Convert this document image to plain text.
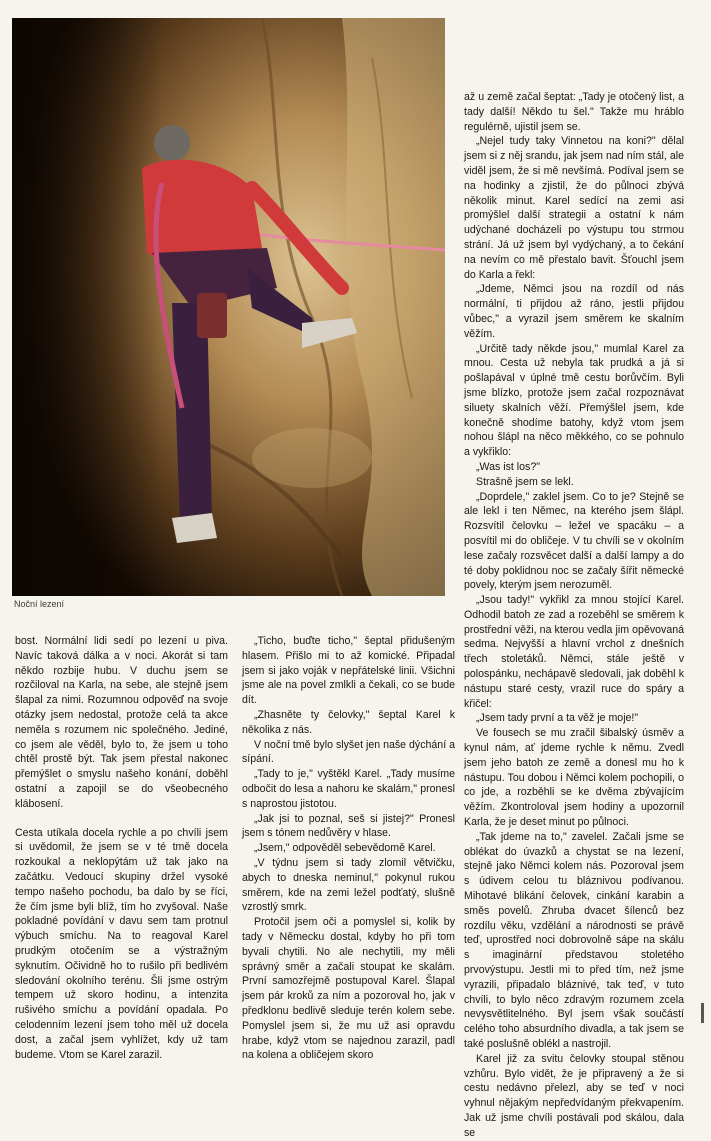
Noční lezení

bost. Normální lidi sedí po lezení u piva. Navíc taková dálka a v noci. Akorát si tam někdo rozbije hubu. V duchu jsem se rozčiloval na Karla, na sebe, ale stejně jsem šlapal za nimi. Rozumnou odpověď na svoje otázky jsem nedostal, protože celá ta akce neměla s rozumem nic společného. Jediné, co jsem ale věděl, bylo to, že jsem u toho chtěl prostě být. Tak jsem přestal nakonec přemýšlet o smyslu našeho konání, doběhl ostatní a zapojil se do všeobecného klábosení.

Cesta utíkala docela rychle a po chvíli jsem si uvědomil, že jsem se v té tmě docela rozkoukal a neklopýtám už tak jako na začátku. Vedoucí skupiny držel vysoké tempo našeho pochodu, ba dalo by se říci, že čím jsme byli blíž, tím ho zvyšoval. Naše pokladné povídání v davu sem tam protnul výbuch smíchu. Na to reagoval Karel prudkým otočením se a výstražným syknutím. Očividně ho to rušilo při bedlivém sledování okolního terénu. Šli jsme ostrým tempem už skoro hodinu, a intenzita rušivého smíchu a povídání opadala. Po celodenním lezení jsem toho měl už docela dost, a začal jsem vyhlížet, kdy už tam budeme. Vtom se Karel zarazil.

„Ticho, buďte ticho," šeptal přidušeným hlasem. Přišlo mi to až komické. Připadal jsem si jako voják v nepřátelské linii. Všichni jsme ale na povel zmlkli a čekali, co se bude dít.

„Zhasněte ty čelovky," šeptal Karel k několika z nás.

V noční tmě bylo slyšet jen naše dýchání a sípání.

„Tady to je," vyštěkl Karel. „Tady musíme odbočit do lesa a nahoru ke skalám," pronesl s naprostou jistotou.

„Jak jsi to poznal, seš si jistej?" Pronesl jsem s tónem nedůvěry v hlase.

„Jsem," odpověděl sebevědomě Karel.

„V týdnu jsem si tady zlomil větvičku, abych to dneska neminul," pokynul rukou směrem, kde na zemi ležel podťatý, slušně vzrostlý smrk.

Protočil jsem oči a pomyslel si, kolik by tady v Německu dostal, kdyby ho při tom byvali chytili. No ale nechytili, my měli správný směr a začali stoupat ke skalám. První samozřejmě postupoval Karel. Šlapal jsem pár kroků za ním a pozoroval ho, jak v předklonu bedlivě sleduje terén kolem sebe. Pomyslel jsem si, že mu už asi opravdu hrabe, když vtom se najednou zarazil, padl na kolena a obličejem skoro

až u země začal šeptat: „Tady je otočený list, a tady další! Někdo tu šel." Takže mu hráblo regulérně, ujistil jsem se.

„Nejel tudy taky Vinnetou na koni?" dělal jsem si z něj srandu, jak jsem nad ním stál, ale viděl jsem, že si mě nevšímá. Podíval jsem se na hodinky a zjistil, že do půlnoci zbývá několik minut. Karel sedící na zemi asi promýšlel další strategii a ostatní k nám udýchané docházeli po výstupu tou strmou strání. Já už jsem byl vydýchaný, a to čekání na nevím co mě přestalo bavit. Šťouchl jsem do Karla a řekl:

„Jdeme, Němci jsou na rozdíl od nás normální, ti přijdou až ráno, jestli přijdou vůbec," a vyrazil jsem směrem ke skalním věžím.

„Určitě tady někde jsou," mumlal Karel za mnou. Cesta už nebyla tak prudká a já si pošlapával v úplné tmě cestu borůvčím. Byli jsme blízko, protože jsem začal rozpoznávat siluety skalních věží. Přemýšlel jsem, kde konečně shodíme batohy, když vtom jsem nohou šlápl na něco měkkého, co se pohnulo a vykřiklo:

„Was ist los?"

Strašně jsem se lekl.

„Doprdele," zaklel jsem. Co to je? Stejně se ale lekl i ten Němec, na kterého jsem šlápl. Rozsvítil čelovku – ležel ve spacáku – a posvítil mi do obličeje. V tu chvíli se v okolním lese začaly rozsvěcet další a další lampy a do té doby poklidnou noc se začaly šířit německé povely, kterým jsem nerozuměl.

„Jsou tady!" vykřikl za mnou stojící Karel. Odhodil batoh ze zad a rozeběhl se směrem k prostřední věži, na kterou vedla jim opěvovaná sedma. Nejvyšší a hlavní vrchol z dnešních třech stoletáků. Němci, stále ještě v polospánku, nechápavě sledovali, jak doběhl k nástupu staré cesty, vrazil ruce do spáry a křičel:

„Jsem tady první a ta věž je moje!"

Ve fousech se mu zračil šibalský úsměv a kynul nám, ať jdeme rychle k němu. Zvedl jsem jeho batoh ze země a donesl mu ho k nástupu. Tou dobou i Němci kolem pochopili, o co jde, a rozběhli se ke dvěma zbývajícím věžím. Zkontroloval jsem hodiny a upozornil Karla, že je deset minut po půlnoci.

„Tak jdeme na to," zavelel. Začali jsme se oblékat do úvazků a chystat se na lezení, stejně jako Němci kolem nás. Pozoroval jsem s údivem celou tu bláznivou podívanou. Mihotavé blikání čelovek, cinkání karabin a směs povelů. Zhruba dvacet šílenců bez rozdílu věku, vzdělání a národnosti se právě teď, uprostřed noci dobrovolně sápe na skálu s imaginární představou stoletého prvovýstupu. Jestli mi to před tím, než jsme vyrazili, připadalo bláznivé, tak teď, v tuto chvíli, to bylo něco zdravým rozumem zcela nevysvětlitelného. Byl jsem však součástí celého toho absurdního divadla, a tak jsem se také poslušně oblékl a nastrojil.

Karel již za svitu čelovky stoupal stěnou vzhůru. Bylo vidět, že je připravený a že si cestu nedávno přelezl, aby se teď v noci vyhnul nějakým nepředvídaným překvapením. Jak už jsme chvíli postávali pod skálou, dala se
